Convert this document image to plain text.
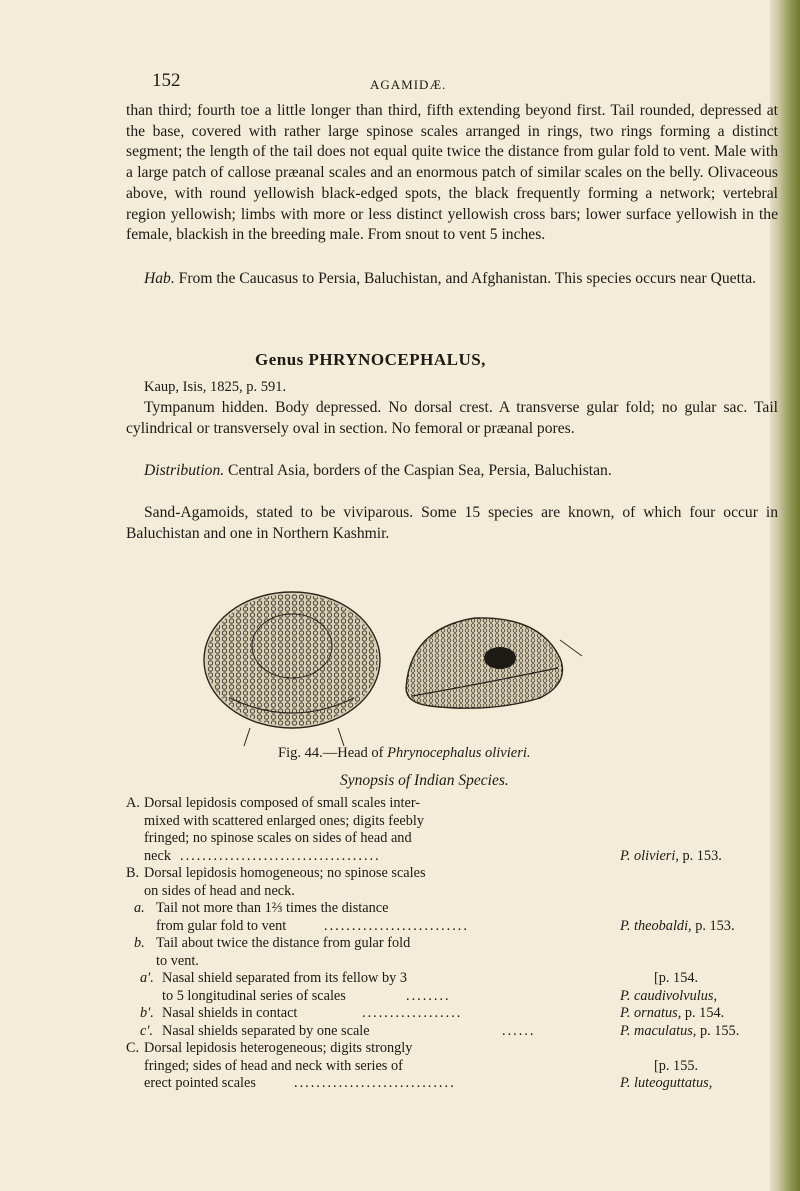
152	AGAMIDÆ.

than third; fourth toe a little longer than third, fifth extending beyond first. Tail rounded, depressed at the base, covered with rather large spinose scales arranged in rings, two rings forming a distinct segment; the length of the tail does not equal quite twice the distance from gular fold to vent. Male with a large patch of callose præanal scales and an enormous patch of similar scales on the belly. Olivaceous above, with round yellowish black-edged spots, the black frequently forming a network; vertebral region yellowish; limbs with more or less distinct yellowish cross bars; lower surface yellowish in the female, blackish in the breeding male. From snout to vent 5 inches.

Hab. From the Caucasus to Persia, Baluchistan, and Afghanistan. This species occurs near Quetta.
Genus PHRYNOCEPHALUS,
Kaup, Isis, 1825, p. 591.
Tympanum hidden. Body depressed. No dorsal crest. A transverse gular fold; no gular sac. Tail cylindrical or transversely oval in section. No femoral or præanal pores.
Distribution. Central Asia, borders of the Caspian Sea, Persia, Baluchistan.
Sand-Agamoids, stated to be viviparous. Some 15 species are known, of which four occur in Baluchistan and one in Northern Kashmir.
Fig. 44.—Head of Phrynocephalus olivieri.
Synopsis of Indian Species.
A. Dorsal lepidosis composed of small scales inter-
mixed with scattered enlarged ones; digits feebly
fringed; no spinose scales on sides of head and
neck ....................................	P. olivieri, p. 153.
B. Dorsal lepidosis homogeneous; no spinose scales
on sides of head and neck.
a. Tail not more than 1⅔ times the distance
from gular fold to vent	..........................	P. theobaldi, p. 153.
b. Tail about twice the distance from gular fold
to vent.
a'. Nasal shield separated from its fellow by 3	[p. 154.
to 5 longitudinal series of scales	........	P. caudivolvulus,
b'. Nasal shields in contact	..................	P. ornatus, p. 154.
c'. Nasal shields separated by one scale	......	P. maculatus, p. 155.
C. Dorsal lepidosis heterogeneous; digits strongly
fringed; sides of head and neck with series of	[p. 155.
erect pointed scales	.............................	P. luteoguttatus,
